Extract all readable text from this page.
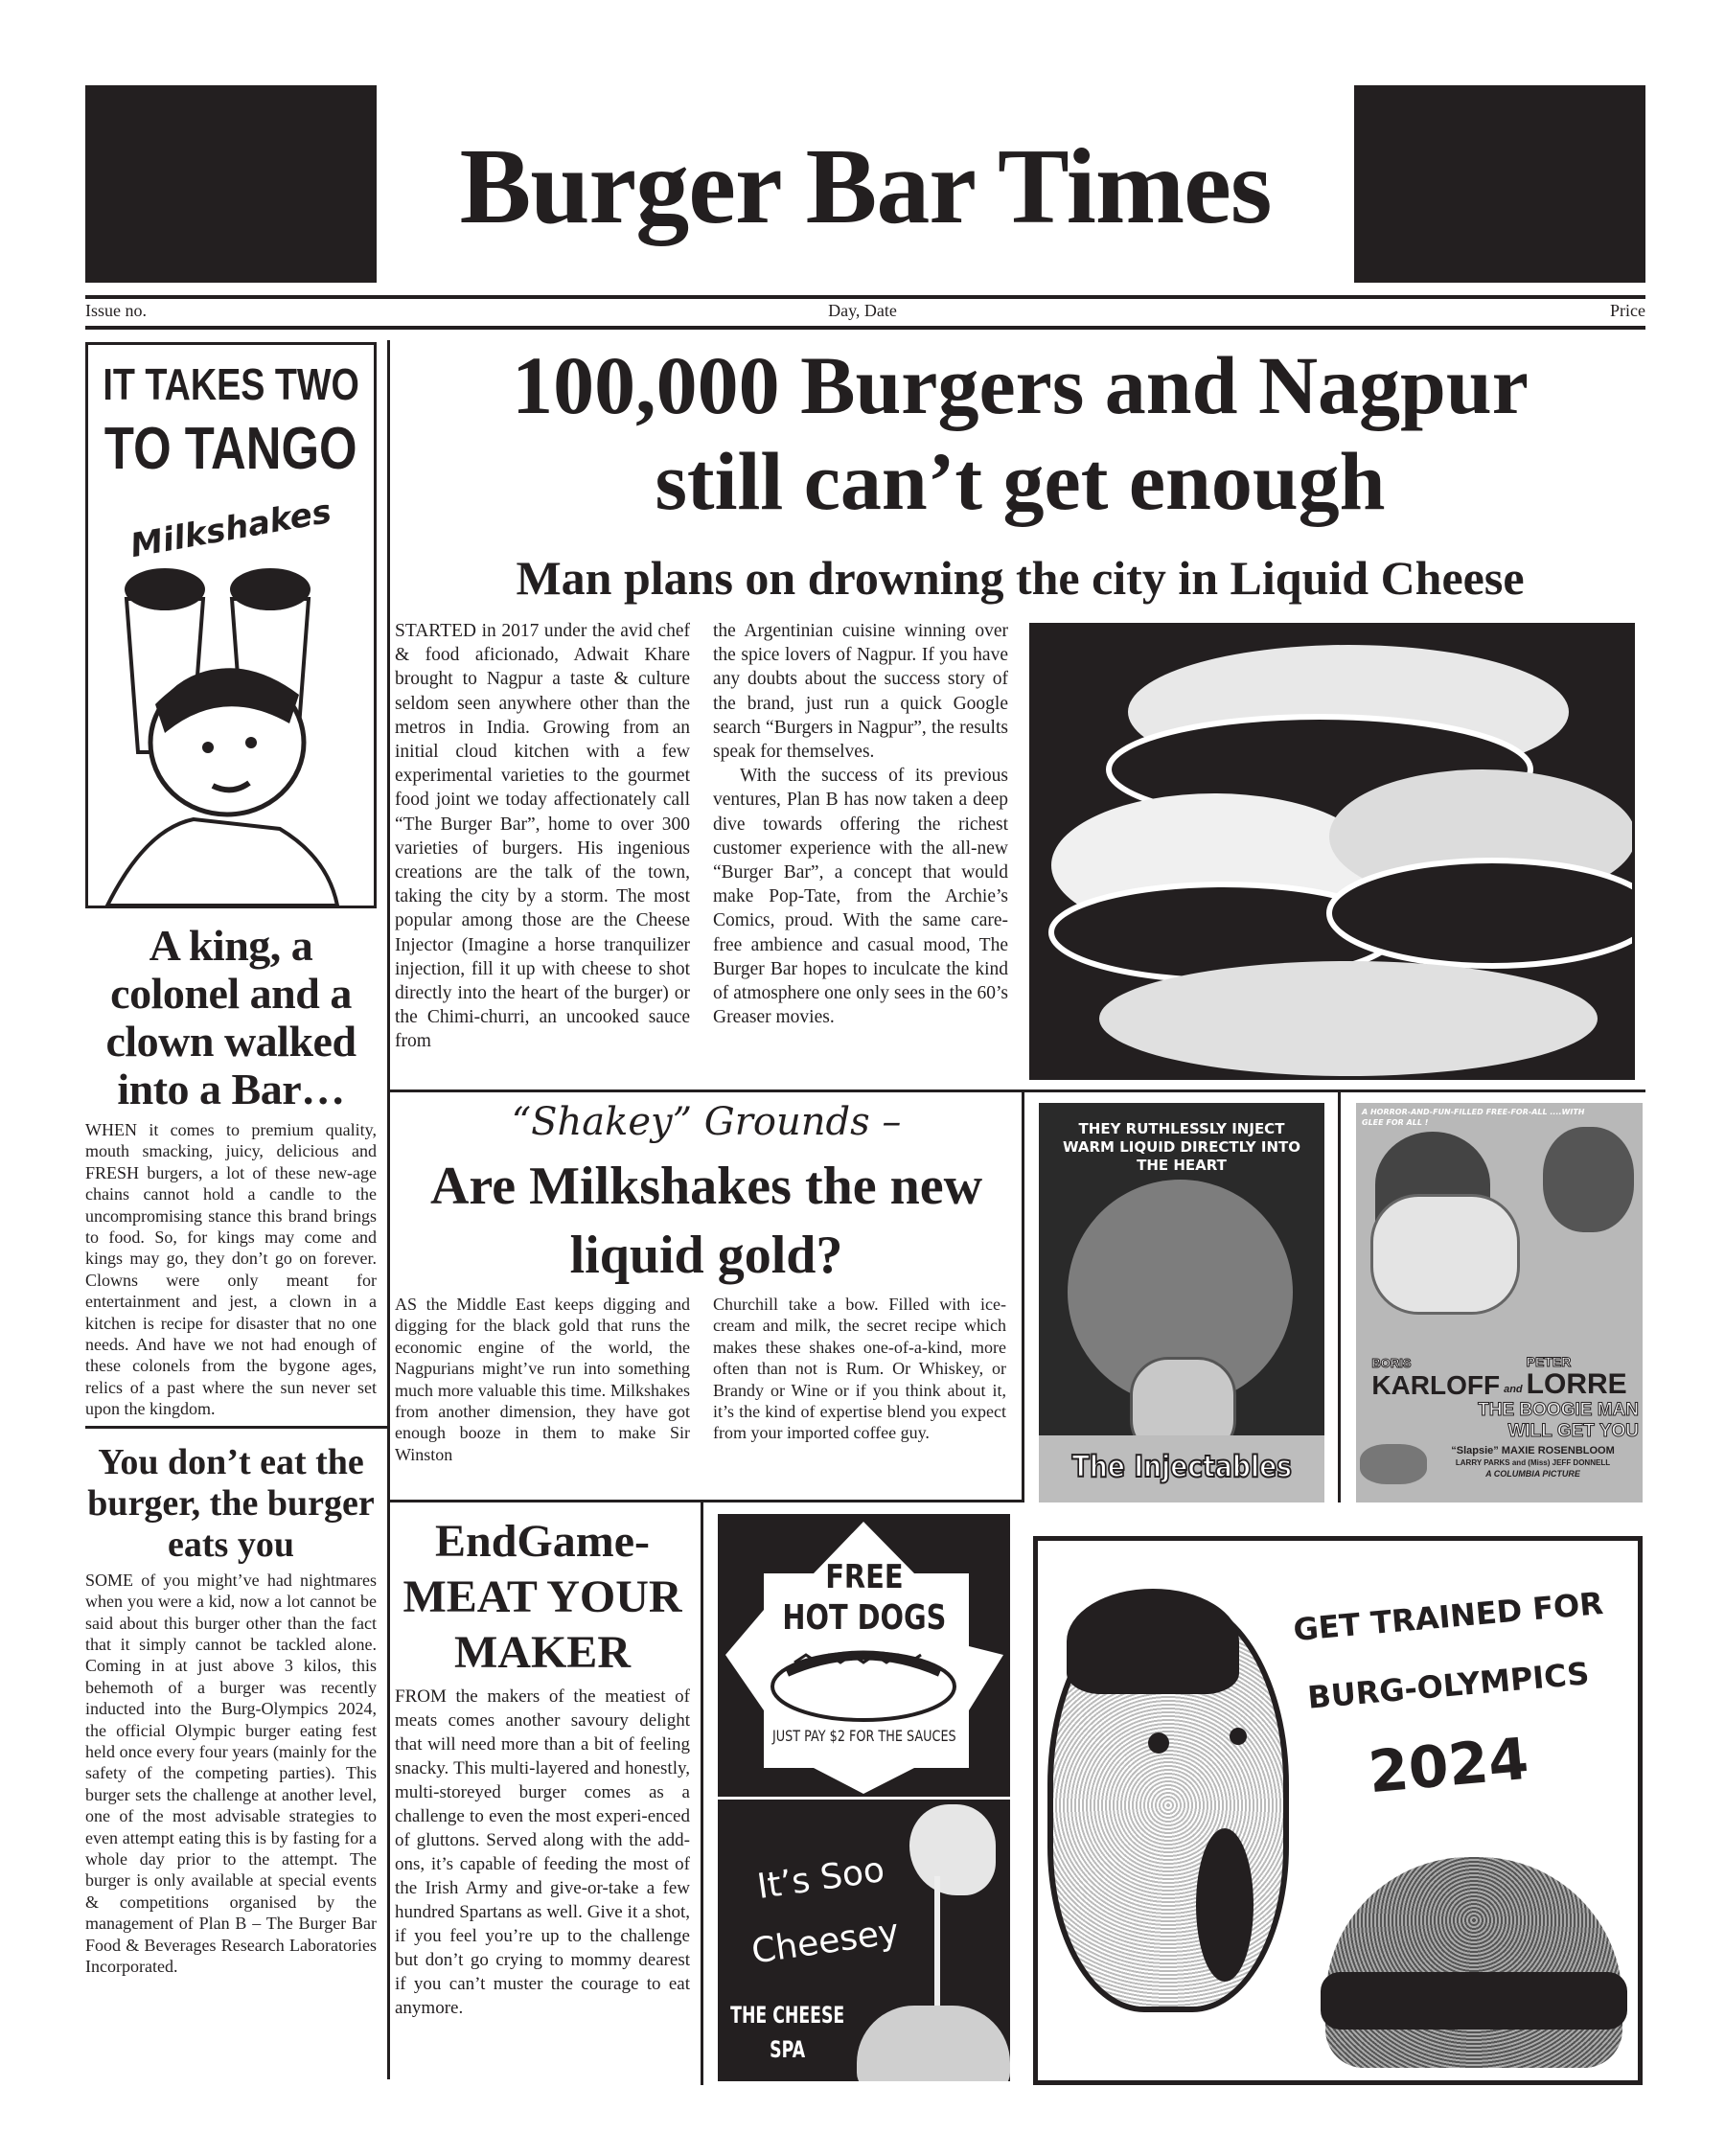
Burger Bar Times
Issue no.	Day, Date	Price
IT TAKES TWO
TO TANGO
Milkshakes
A king, a colonel and a clown walked into a Bar…

WHEN it comes to premium quality, mouth smacking, juicy, delicious and FRESH burgers, a lot of these new-age chains cannot hold a candle to the uncompromising stance this brand brings to food. So, for kings may come and kings may go, they don’t go on forever. Clowns were only meant for entertainment and jest, a clown in a kitchen is recipe for disaster that no one needs. And have we not had enough of these colonels from the bygone ages, relics of a past where the sun never set upon the kingdom.

You don’t eat the burger, the burger eats you

SOME of you might’ve had nightmares when you were a kid, now a lot cannot be said about this burger other than the fact that it simply cannot be tackled alone. Coming in at just above 3 kilos, this behemoth of a burger was recently inducted into the Burg-Olympics 2024, the official Olympic burger eating fest held once every four years (mainly for the safety of the competing parties). This burger sets the challenge at another level, one of the most advisable strategies to even attempt eating this is by fasting for a whole day prior to the attempt. The burger is only available at special events & competitions organised by the management of Plan B – The Burger Bar Food & Beverages Research Laboratories Incorporated.

100,000 Burgers and Nagpur
still can’t get enough
Man plans on drowning the city in Liquid Cheese

STARTED in 2017 under the avid chef & food aficionado, Adwait Khare brought to Nagpur a taste & culture seldom seen anywhere other than the metros in India. Growing from an initial cloud kitchen with a few experimental varieties to the gourmet food joint we today affectionately call “The Burger Bar”, home to over 300 varieties of burgers. His ingenious creations are the talk of the town, taking the city by a storm. The most popular among those are the Cheese Injector (Imagine a horse tranquilizer injection, fill it up with cheese to shot directly into the heart of the burger) or the Chimi-churri, an uncooked sauce from

the Argentinian cuisine winning over the spice lovers of Nagpur. If you have any doubts about the success story of the brand, just run a quick Google search “Burgers in Nagpur”, the results speak for themselves.

With the success of its previous ventures, Plan B has now taken a deep dive towards offering the richest customer experience with the all-new “Burger Bar”, a concept that would make Pop-Tate, from the Archie’s Comics, proud. With the same care-free ambience and casual mood, The Burger Bar hopes to inculcate the kind of atmosphere one only sees in the 60’s Greaser movies.

“Shakey” Grounds –
Are Milkshakes the new liquid gold?

AS the Middle East keeps digging and digging for the black gold that runs the economic engine of the world, the Nagpurians might’ve run into something much more valuable this time. Milkshakes from another dimension, they have got enough booze in them to make Sir Winston

Churchill take a bow. Filled with ice-cream and milk, the secret recipe which makes these shakes one-of-a-kind, more often than not is Rum. Or Whiskey, or Brandy or Wine or if you think about it, it’s the kind of expertise blend you expect from your imported coffee guy.

THEY RUTHLESSLY INJECT WARM LIQUID DIRECTLY INTO THE HEART
The Injectables
A HORROR-AND-FUN-FILLED FREE-FOR-ALL ....WITH GLEE FOR ALL !
BORIS
KARLOFF and
PETER
LORRE
THE BOOGIE MAN
WILL GET YOU
“Slapsie” MAXIE ROSENBLOOM
LARRY PARKS and (Miss) JEFF DONNELL
A COLUMBIA PICTURE
EndGame- MEAT YOUR MAKER

FROM the makers of the meatiest of meats comes another savoury delight that will need more than a bit of feeling snacky. This multi-layered and honestly, multi-storeyed burger comes as a challenge to even the most experi-enced of gluttons. Served along with the add-ons, it’s capable of feeding the most of the Irish Army and give-or-take a few hundred Spartans as well. Give it a shot, if you feel you’re up to the challenge but don’t go crying to mommy dearest if you can’t muster the courage to eat anymore.

FREE
HOT DOGS
JUST PAY $2 FOR THE SAUCES
It’s Soo
Cheesey
THE CHEESE
SPA
GET TRAINED FOR
BURG-OLYMPICS
2024
